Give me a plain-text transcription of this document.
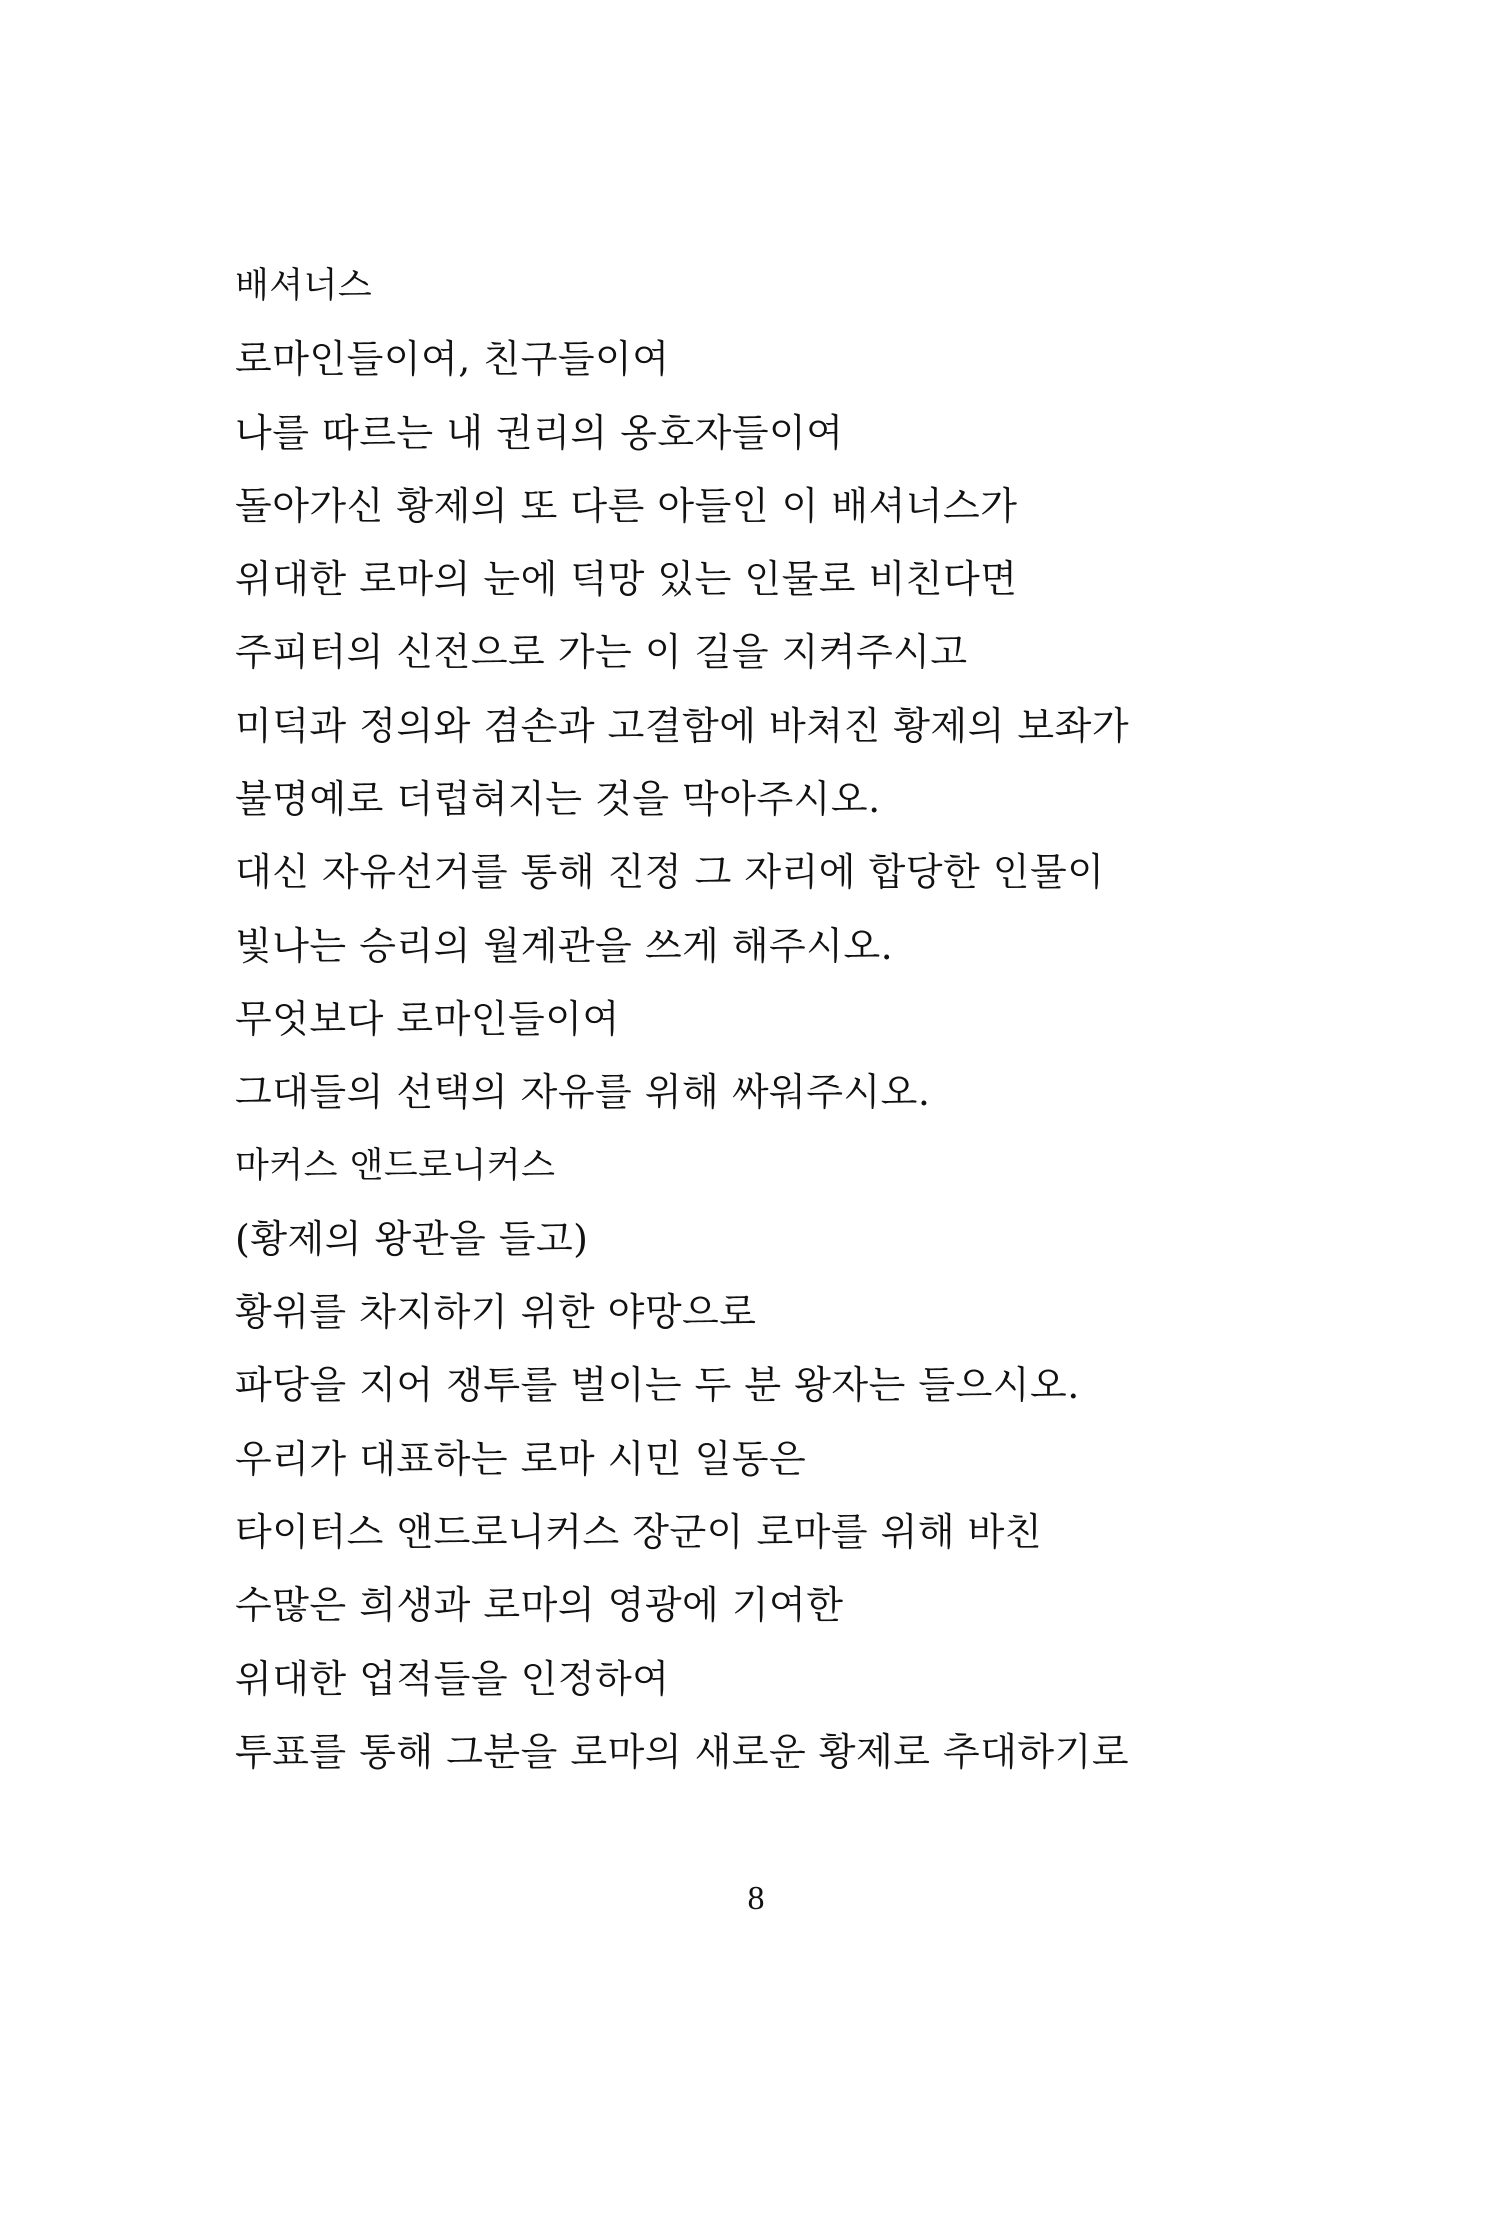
배셔너스
로마인들이여, 친구들이여
나를 따르는 내 권리의 옹호자들이여
돌아가신 황제의 또 다른 아들인 이 배셔너스가
위대한 로마의 눈에 덕망 있는 인물로 비친다면
주피터의 신전으로 가는 이 길을 지켜주시고
미덕과 정의와 겸손과 고결함에 바쳐진 황제의 보좌가
불명예로 더럽혀지는 것을 막아주시오.
대신 자유선거를 통해 진정 그 자리에 합당한 인물이
빛나는 승리의 월계관을 쓰게 해주시오.
무엇보다 로마인들이여
그대들의 선택의 자유를 위해 싸워주시오.
마커스 앤드로니커스
(황제의 왕관을 들고)
황위를 차지하기 위한 야망으로
파당을 지어 쟁투를 벌이는 두 분 왕자는 들으시오.
우리가 대표하는 로마 시민 일동은
타이터스 앤드로니커스 장군이 로마를 위해 바친
수많은 희생과 로마의 영광에 기여한
위대한 업적들을 인정하여
투표를 통해 그분을 로마의 새로운 황제로 추대하기로
8
